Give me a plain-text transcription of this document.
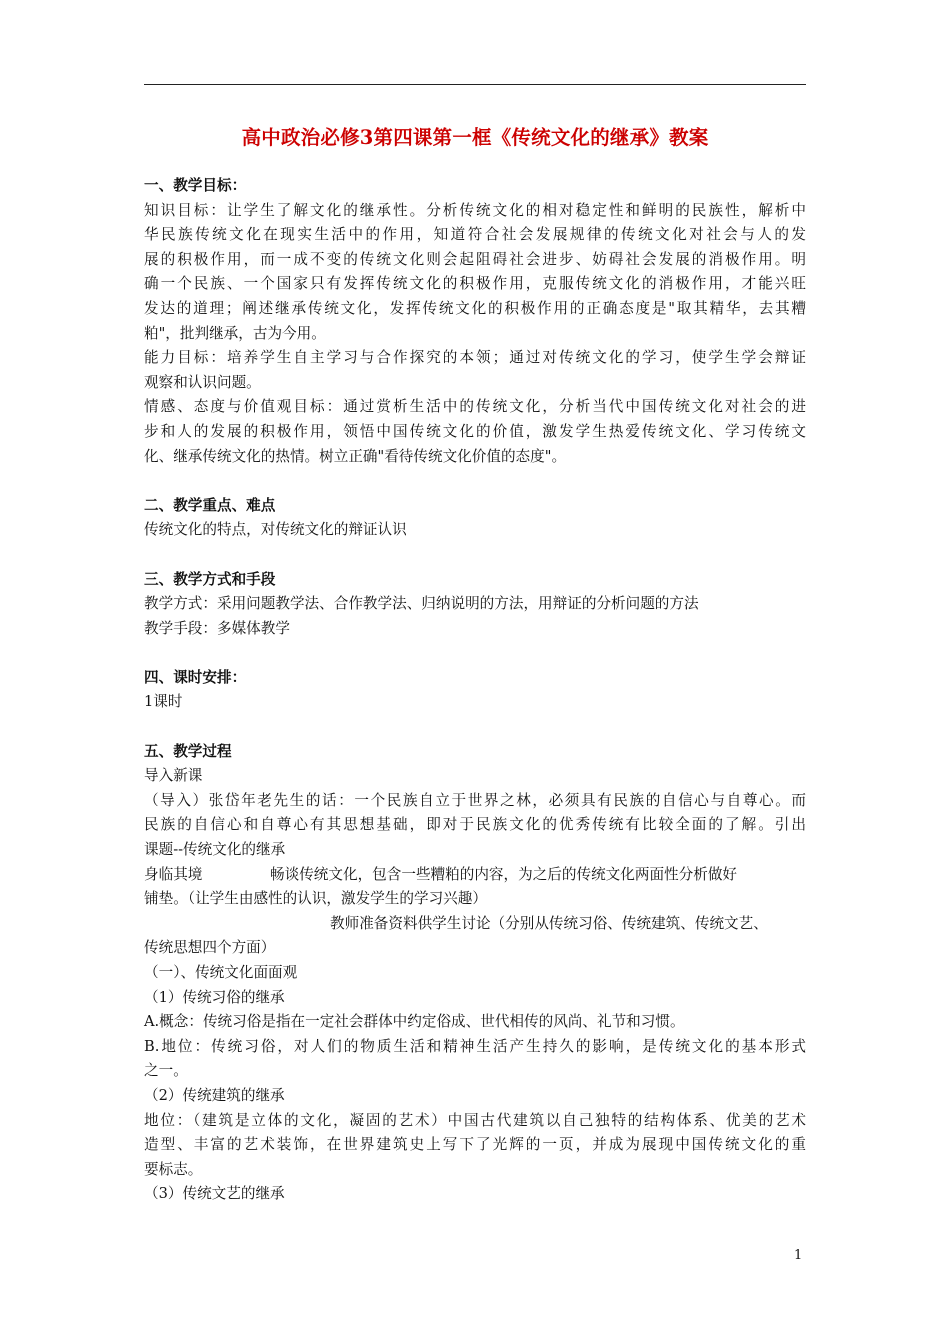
高中政治必修3第四课第一框《传统文化的继承》教案

一、教学目标：

知识目标：让学生了解文化的继承性。分析传统文化的相对稳定性和鲜明的民族性，解析中

华民族传统文化在现实生活中的作用，知道符合社会发展规律的传统文化对社会与人的发

展的积极作用，而一成不变的传统文化则会起阻碍社会进步、妨碍社会发展的消极作用。明

确一个民族、一个国家只有发挥传统文化的积极作用，克服传统文化的消极作用，才能兴旺

发达的道理；阐述继承传统文化，发挥传统文化的积极作用的正确态度是"取其精华，去其糟

粕"，批判继承，古为今用。

能力目标：培养学生自主学习与合作探究的本领；通过对传统文化的学习，使学生学会辩证

观察和认识问题。

情感、态度与价值观目标：通过赏析生活中的传统文化，分析当代中国传统文化对社会的进

步和人的发展的积极作用，领悟中国传统文化的价值，激发学生热爱传统文化、学习传统文

化、继承传统文化的热情。树立正确"看待传统文化价值的态度"。

二、教学重点、难点

传统文化的特点，对传统文化的辩证认识

三、教学方式和手段

教学方式：采用问题教学法、合作教学法、归纳说明的方法，用辩证的分析问题的方法

教学手段：多媒体教学

四、课时安排：

1课时

五、教学过程

导入新课

（导入）张岱年老先生的话：一个民族自立于世界之林，必须具有民族的自信心与自尊心。而

民族的自信心和自尊心有其思想基础，即对于民族文化的优秀传统有比较全面的了解。引出

课题--传统文化的继承

身临其境	畅谈传统文化，包含一些糟粕的内容，为之后的传统文化两面性分析做好

铺垫。（让学生由感性的认识，激发学生的学习兴趣）

教师准备资料供学生讨论（分别从传统习俗、传统建筑、传统文艺、

传统思想四个方面）

（一）、传统文化面面观

（1）传统习俗的继承

A.概念：传统习俗是指在一定社会群体中约定俗成、世代相传的风尚、礼节和习惯。

B.地位：传统习俗，对人们的物质生活和精神生活产生持久的影响，是传统文化的基本形式

之一。

（2）传统建筑的继承

地位：（建筑是立体的文化，凝固的艺术）中国古代建筑以自己独特的结构体系、优美的艺术

造型、丰富的艺术装饰，在世界建筑史上写下了光辉的一页，并成为展现中国传统文化的重

要标志。

（3）传统文艺的继承

1
